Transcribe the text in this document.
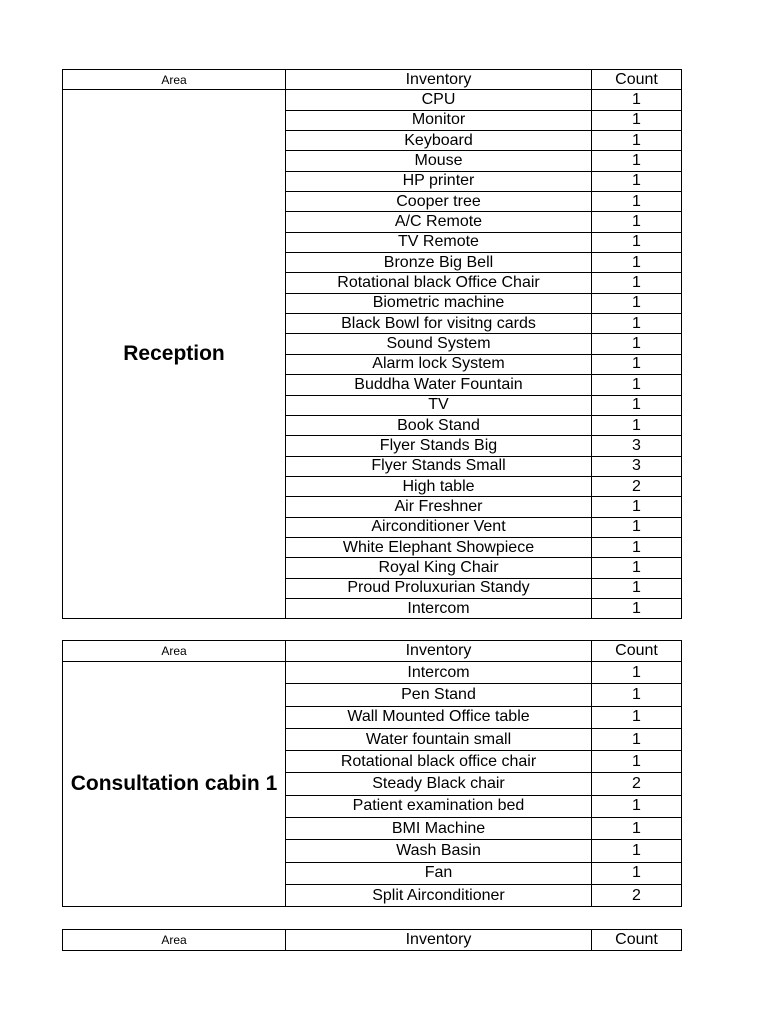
Area	Inventory	Count
Reception	CPU	1
	Monitor	1
	Keyboard	1
	Mouse	1
	HP printer	1
	Cooper tree	1
	A/C Remote	1
	TV Remote	1
	Bronze Big Bell	1
	Rotational black Office Chair	1
	Biometric machine	1
	Black Bowl for visitng cards	1
	Sound System	1
	Alarm lock System	1
	Buddha Water Fountain	1
	TV	1
	Book Stand	1
	Flyer Stands Big	3
	Flyer Stands Small	3
	High table	2
	Air Freshner	1
	Airconditioner Vent	1
	White Elephant Showpiece	1
	Royal King Chair	1
	Proud Proluxurian Standy	1
	Intercom	1
Area	Inventory	Count
Consultation cabin 1	Intercom	1
	Pen Stand	1
	Wall Mounted Office table	1
	Water fountain small	1
	Rotational black office chair	1
	Steady Black chair	2
	Patient examination bed	1
	BMI Machine	1
	Wash Basin	1
	Fan	1
	Split Airconditioner	2
Area	Inventory	Count
